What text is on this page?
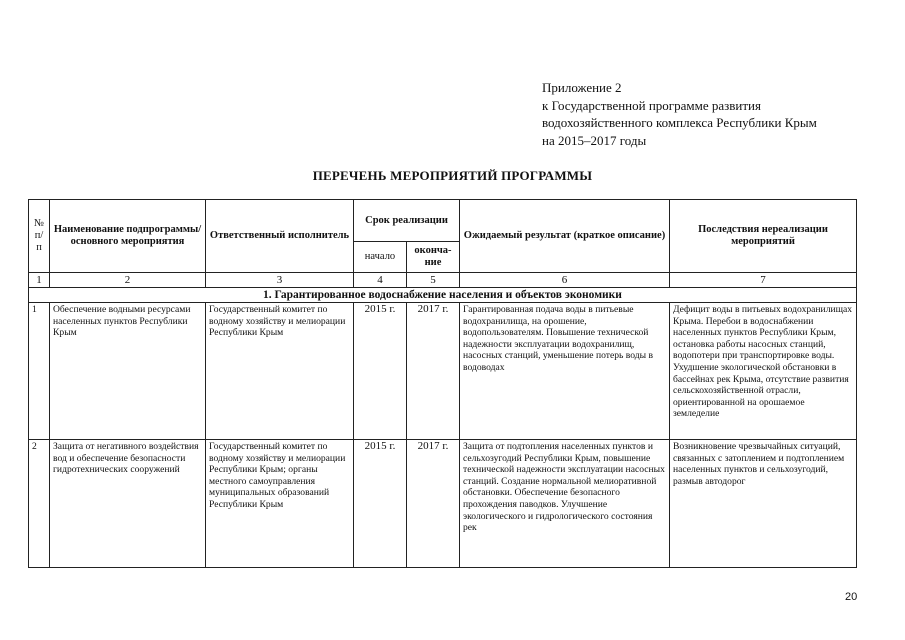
Приложение 2
к Государственной программе развития
водохозяйственного комплекса Республики Крым
на 2015–2017 годы
ПЕРЕЧЕНЬ МЕРОПРИЯТИЙ ПРОГРАММЫ
№ п/п	Наименование подпрограммы/ основного мероприятия	Ответственный исполнитель	Срок реализации		Ожидаемый результат (краткое описание)	Последствия нереализации мероприятий
			начало	оконча-ние		
1	2	3	4	5	6	7
1. Гарантированное водоснабжение населения и объектов экономики						
1	Обеспечение водными ресурсами населенных пунктов Республики Крым	Государственный комитет по водному хозяйству и мелиорации Республики Крым	2015 г.	2017 г.	Гарантированная подача воды в питьевые водохранилища, на орошение, водопользователям. Повышение технической надежности эксплуатации водохранилищ, насосных станций, уменьшение потерь воды в водоводах	Дефицит воды в питьевых водохранилищах Крыма. Перебои в водоснабжении населенных пунктов Республики Крым, остановка работы насосных станций, водопотери при транспортировке воды. Ухудшение экологической обстановки в бассейнах рек Крыма, отсутствие развития сельскохозяйственной отрасли, ориентированной на орошаемое земледелие
2	Защита от негативного воздействия вод и обеспечение безопасности гидротехнических сооружений	Государственный комитет по водному хозяйству и мелиорации Республики Крым; органы местного самоуправления муниципальных образований Республики Крым	2015 г.	2017 г.	Защита от подтопления населенных пунктов и сельхозугодий Республики Крым, повышение технической надежности эксплуатации насосных станций. Создание нормальной мелиоративной обстановки. Обеспечение безопасного прохождения паводков. Улучшение экологического и гидрологического состояния рек	Возникновение чрезвычайных ситуаций, связанных с затоплением и подтоплением населенных пунктов и сельхозугодий, размыв автодорог
20
